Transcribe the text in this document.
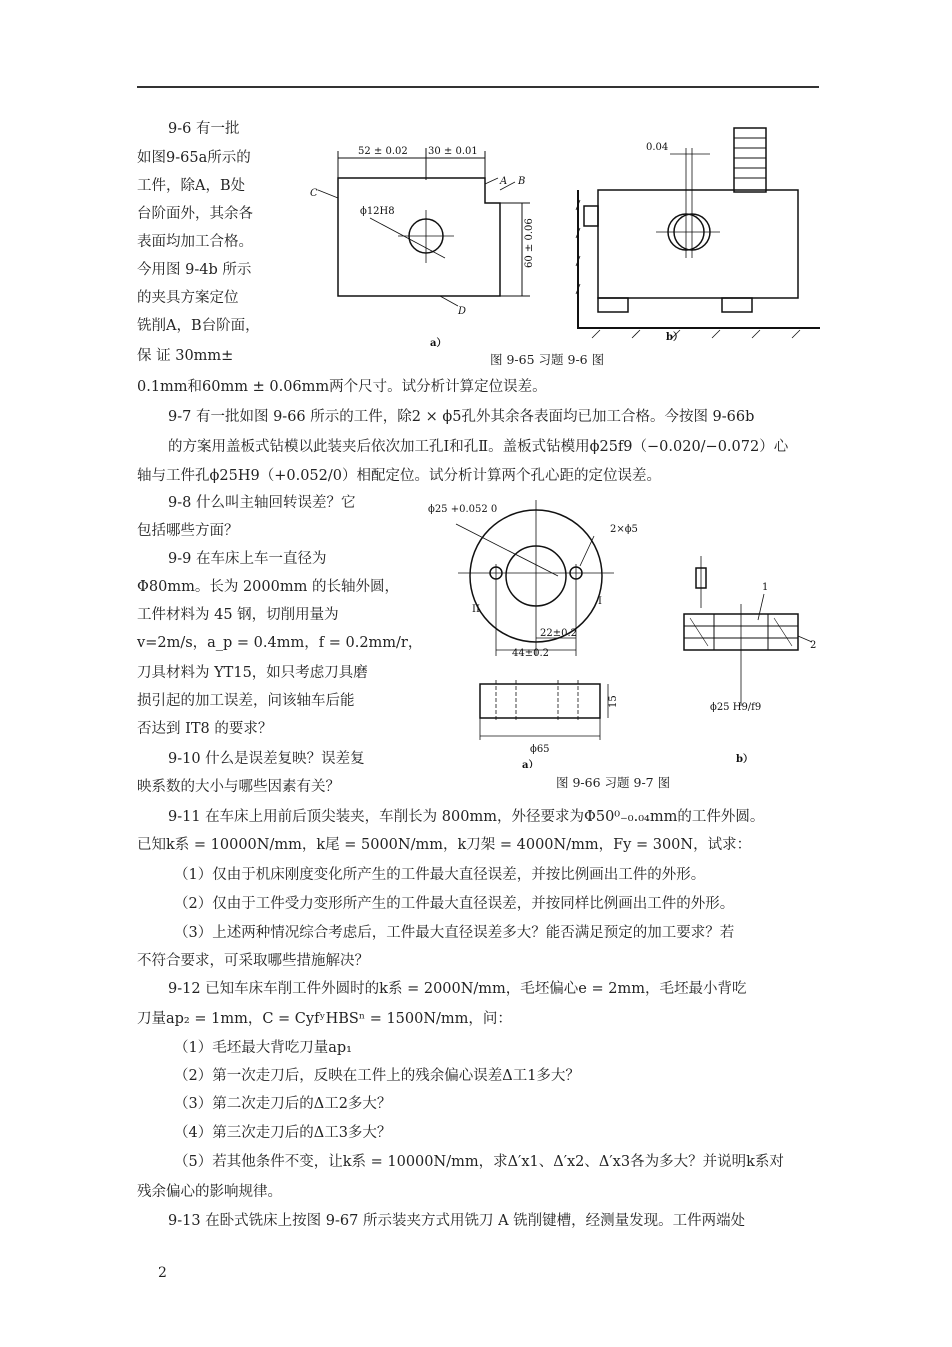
9-6 有一批
如图9-65a所示的
工件，除A，B处
台阶面外，其余各
表面均加工合格。
今用图 9-4b 所示
的夹具方案定位
铣削A，B台阶面，
保 证 30mm±
0.1mm和60mm ± 0.06mm两个尺寸。试分析计算定位误差。
52 ± 0.02 30 ± 0.01
C
A B
D
ϕ12H8
60 ± 0.06
0.04
a）
b）
图 9-65 习题 9-6 图
9-7 有一批如图 9-66 所示的工件，除2 × ϕ5孔外其余各表面均已加工合格。今按图 9-66b
的方案用盖板式钻模以此装夹后依次加工孔Ⅰ和孔Ⅱ。盖板式钻模用ϕ25f9（−0.020/−0.072）心
轴与工件孔ϕ25H9（+0.052/0）相配定位。试分析计算两个孔心距的定位误差。
9-8 什么叫主轴回转误差？它
包括哪些方面？
9-9 在车床上车一直径为
Φ80mm。长为 2000mm 的长轴外圆，
工件材料为 45 钢，切削用量为
v=2m/s，a_p = 0.4mm，f = 0.2mm/r，
刀具材料为 YT15，如只考虑刀具磨
损引起的加工误差，问该轴车后能
否达到 IT8 的要求？
9-10 什么是误差复映？误差复
映系数的大小与哪些因素有关？
ϕ25 +0.052 0
2×ϕ5
I
II
22±0.2
44±0.2
15
ϕ65
1
2
ϕ25 H9/f9
a）
b）
图 9-66 习题 9-7 图
9-11 在车床上用前后顶尖装夹，车削长为 800mm，外径要求为Φ50⁰₋₀.₀₄mm的工件外圆。
已知k系 = 10000N/mm，k尾 = 5000N/mm，k刀架 = 4000N/mm，Fy = 300N，试求：
（1）仅由于机床刚度变化所产生的工件最大直径误差，并按比例画出工件的外形。
（2）仅由于工件受力变形所产生的工件最大直径误差，并按同样比例画出工件的外形。
（3）上述两种情况综合考虑后，工件最大直径误差多大？能否满足预定的加工要求？若
不符合要求，可采取哪些措施解决？
9-12 已知车床车削工件外圆时的k系 = 2000N/mm，毛坯偏心e = 2mm，毛坯最小背吃
刀量ap₂ = 1mm，C = CyfʸHBSⁿ = 1500N/mm，问：
（1）毛坯最大背吃刀量ap₁
（2）第一次走刀后，反映在工件上的残余偏心误差Δ工1多大？
（3）第二次走刀后的Δ工2多大？
（4）第三次走刀后的Δ工3多大？
（5）若其他条件不变，让k系 = 10000N/mm，求Δ′x1、Δ′x2、Δ′x3各为多大？并说明k系对
残余偏心的影响规律。
9-13 在卧式铣床上按图 9-67 所示装夹方式用铣刀 A 铣削键槽，经测量发现。工件两端处
2
